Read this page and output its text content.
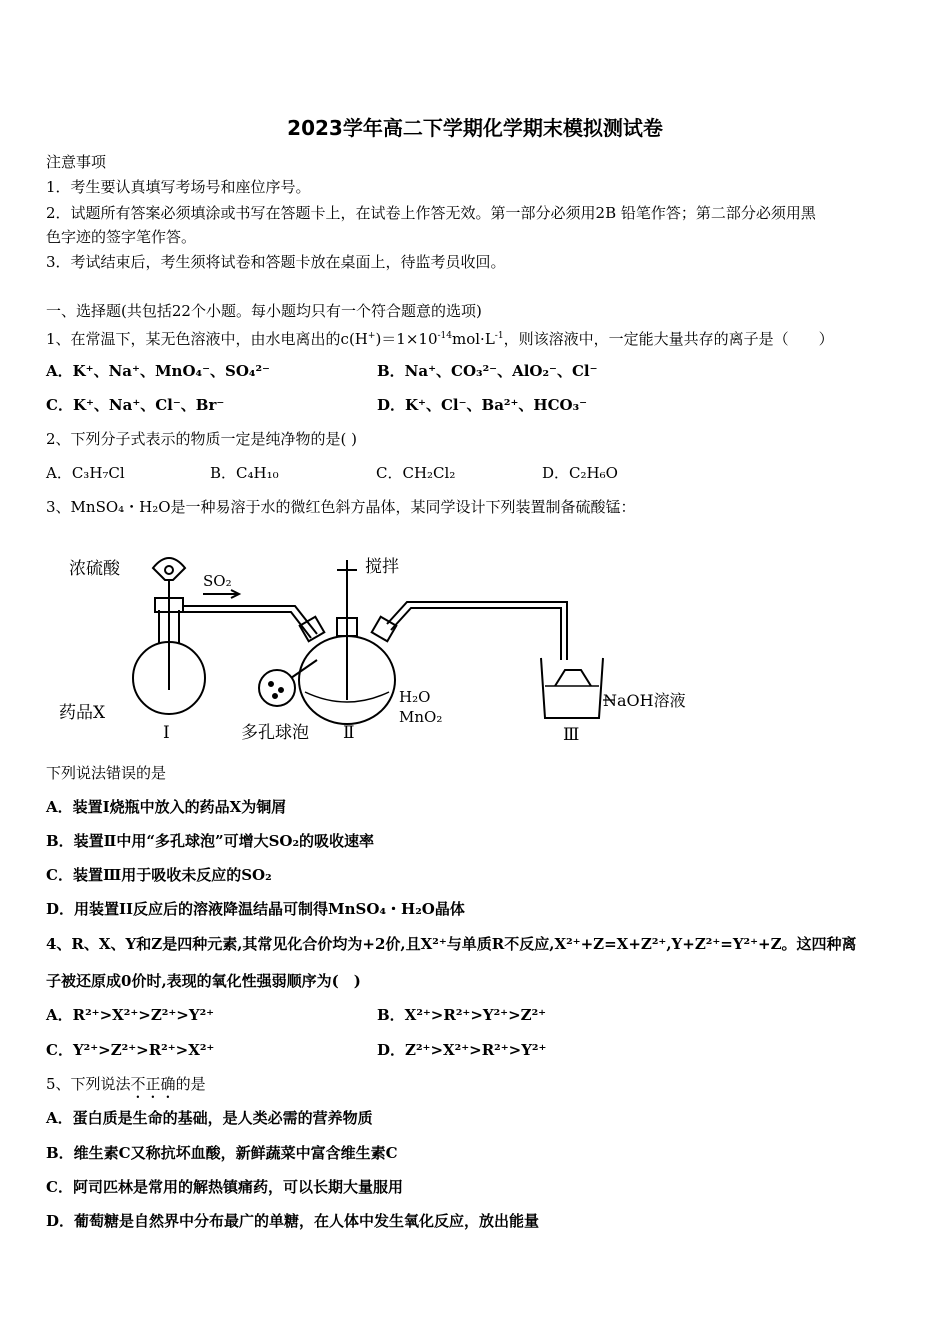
2023学年高二下学期化学期末模拟测试卷
注意事项
1．考生要认真填写考场号和座位序号。
2．试题所有答案必须填涂或书写在答题卡上，在试卷上作答无效。第一部分必须用2B 铅笔作答；第二部分必须用黑
色字迹的签字笔作答。
3．考试结束后，考生须将试卷和答题卡放在桌面上，待监考员收回。
一、选择题(共包括22个小题。每小题均只有一个符合题意的选项)
1、在常温下，某无色溶液中，由水电离出的$c(H^+)=1\times 10^{-14}mol\cdot L^{-1}$，则该溶液中，一定能大量共存的离子是（　　）
A．K⁺、Na⁺、MnO₄⁻、SO₄²⁻	B．Na⁺、CO₃²⁻、AlO₂⁻、Cl⁻
C．K⁺、Na⁺、Cl⁻、Br⁻	D．K⁺、Cl⁻、Ba²⁺、HCO₃⁻
2、下列分子式表示的物质一定是纯净物的是( )
A．C₃H₇Cl	B．C₄H₁₀	C．CH₂Cl₂	D．C₂H₆O
3、MnSO₄・H₂O是一种易溶于水的微红色斜方晶体，某同学设计下列装置制备硫酸锰：
浓硫酸
SO₂
搅拌
药品X
多孔球泡
H₂O
MnO₂
NaOH溶液
Ⅰ	Ⅱ	Ⅲ
下列说法错误的是
A．装置Ⅰ烧瓶中放入的药品X为铜屑
B．装置Ⅱ中用“多孔球泡”可增大SO₂的吸收速率
C．装置Ⅲ用于吸收未反应的SO₂
D．用装置II反应后的溶液降温结晶可制得MnSO₄・H₂O晶体
4、R、X、Y和Z是四种元素,其常见化合价均为+2价,且X²⁺与单质R不反应,X²⁺+Z=X+Z²⁺,Y+Z²⁺=Y²⁺+Z。这四种离
子被还原成0价时,表现的氧化性强弱顺序为(　)
A．R²⁺>X²⁺>Z²⁺>Y²⁺	B．X²⁺>R²⁺>Y²⁺>Z²⁺
C．Y²⁺>Z²⁺>R²⁺>X²⁺	D．Z²⁺>X²⁺>R²⁺>Y²⁺
5、下列说法不正确的是
A．蛋白质是生命的基础，是人类必需的营养物质
B．维生素C又称抗坏血酸，新鲜蔬菜中富含维生素C
C．阿司匹林是常用的解热镇痛药，可以长期大量服用
D．葡萄糖是自然界中分布最广的单糖，在人体中发生氧化反应，放出能量
